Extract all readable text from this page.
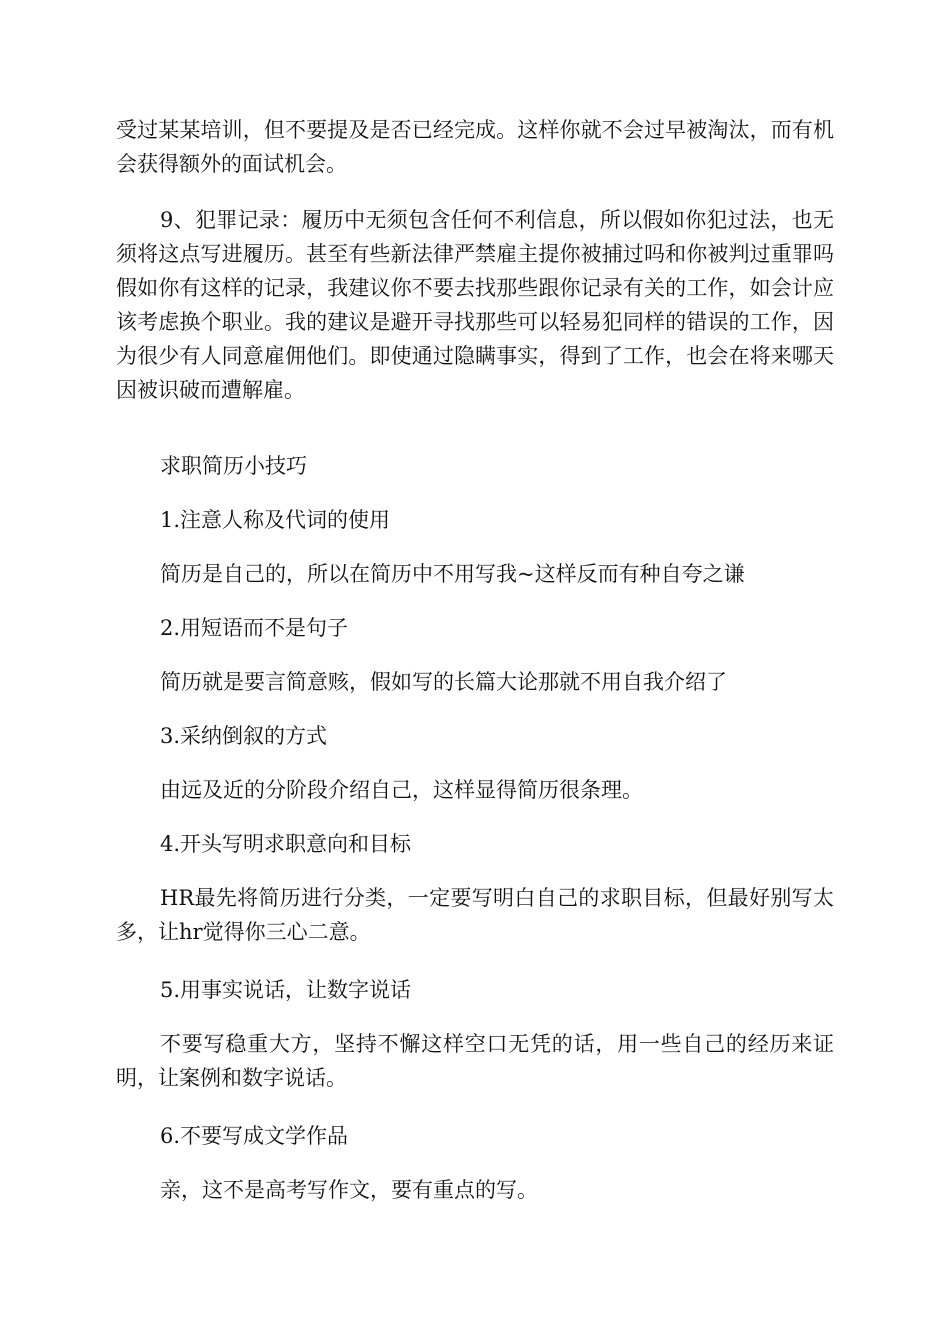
受过某某培训，但不要提及是否已经完成。这样你就不会过早被淘汰，而有机会获得额外的面试机会。

9、犯罪记录：履历中无须包含任何不利信息，所以假如你犯过法，也无须将这点写进履历。甚至有些新法律严禁雇主提你被捕过吗和你被判过重罪吗假如你有这样的记录，我建议你不要去找那些跟你记录有关的工作，如会计应该考虑换个职业。我的建议是避开寻找那些可以轻易犯同样的错误的工作，因为很少有人同意雇佣他们。即使通过隐瞒事实，得到了工作，也会在将来哪天因被识破而遭解雇。

求职简历小技巧

1.注意人称及代词的使用

简历是自己的，所以在简历中不用写我~这样反而有种自夸之谦

2.用短语而不是句子

简历就是要言简意赅，假如写的长篇大论那就不用自我介绍了

3.采纳倒叙的方式

由远及近的分阶段介绍自己，这样显得简历很条理。

4.开头写明求职意向和目标

HR最先将简历进行分类，一定要写明白自己的求职目标，但最好别写太多，让hr觉得你三心二意。

5.用事实说话，让数字说话

不要写稳重大方，坚持不懈这样空口无凭的话，用一些自己的经历来证明，让案例和数字说话。

6.不要写成文学作品

亲，这不是高考写作文，要有重点的写。
